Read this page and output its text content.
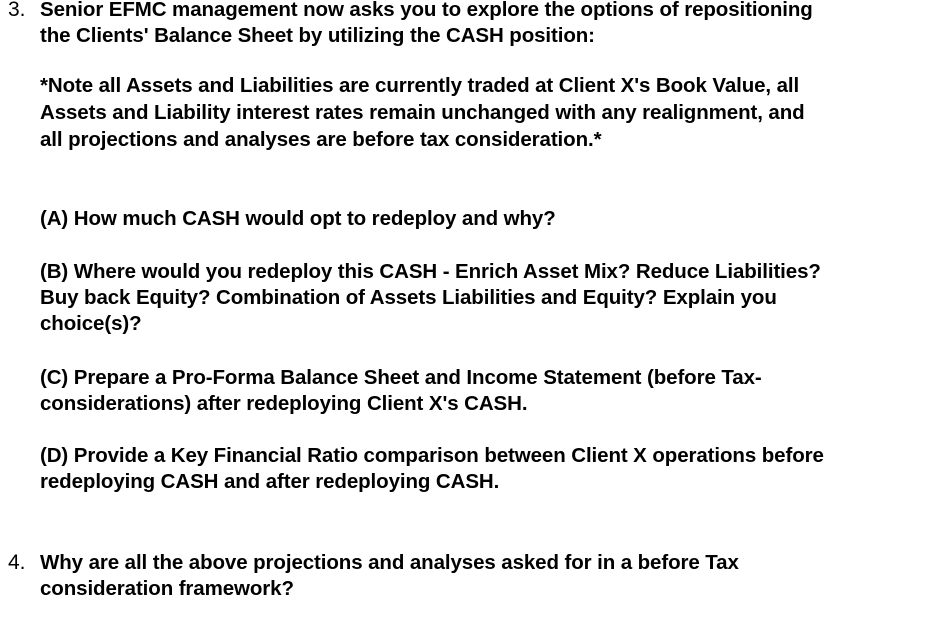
3. Senior EFMC management now asks you to explore the options of repositioning
the Clients' Balance Sheet by utilizing the CASH position:
*Note all Assets and Liabilities are currently traded at Client X's Book Value, all
Assets and Liability interest rates remain unchanged with any realignment, and
all projections and analyses are before tax consideration.*
(A) How much CASH would opt to redeploy and why?
(B) Where would you redeploy this CASH - Enrich Asset Mix? Reduce Liabilities?
Buy back Equity? Combination of Assets Liabilities and Equity? Explain you
choice(s)?
(C) Prepare a Pro-Forma Balance Sheet and Income Statement (before Tax-
considerations) after redeploying Client X's CASH.
(D) Provide a Key Financial Ratio comparison between Client X operations before
redeploying CASH and after redeploying CASH.
4. Why are all the above projections and analyses asked for in a before Tax
consideration framework?
